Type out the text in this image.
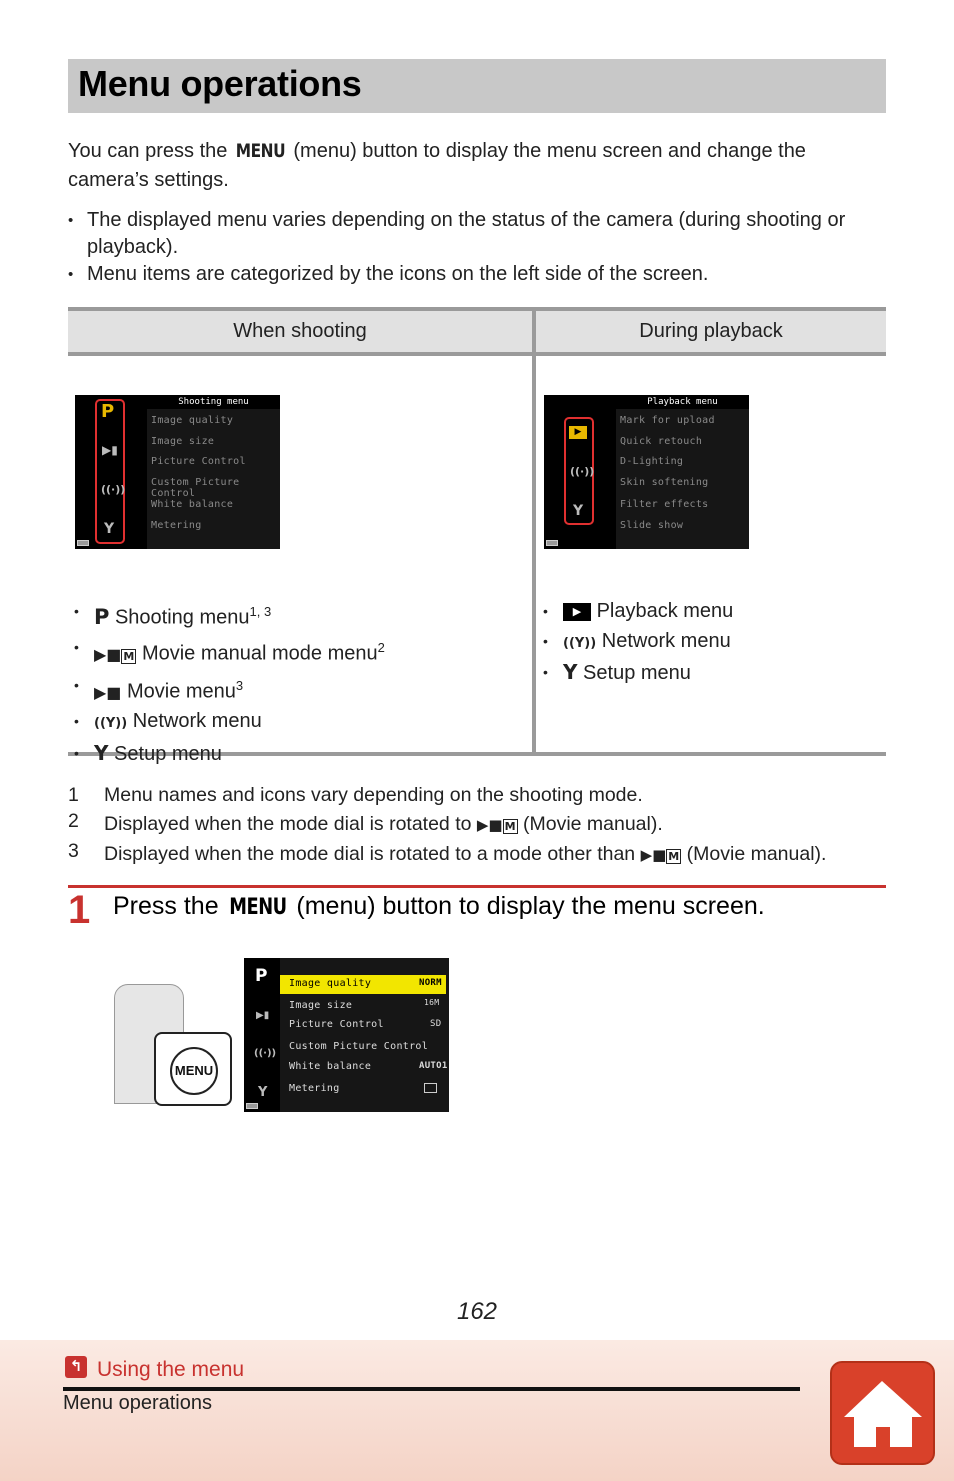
Menu operations

You can press the MENU (menu) button to display the menu screen and change the camera’s settings.

• The displayed menu varies depending on the status of the camera (during shooting or playback).
• Menu items are categorized by the icons on the left side of the screen.
When shooting	During playback
P
▶▮
((·))
Y
Shooting menu
Image quality
Image size
Picture Control
Custom Picture Control
White balance
Metering
▶
((·))
Y
Playback menu
Mark for upload
Quick retouch
D-Lighting
Skin softening
Filter effects
Slide show
• P Shooting menu$^{1, 3}$
• ▶■ M Movie manual mode menu$^2$
• ▶■ Movie menu$^3$
• ((Y)) Network menu
• Y Setup menu
• ▶ Playback menu
• ((Y)) Network menu
• Y Setup menu
1 Menu names and icons vary depending on the shooting mode.
2 Displayed when the mode dial is rotated to ▶■ M (Movie manual).
3 Displayed when the mode dial is rotated to a mode other than ▶■ M (Movie manual).
1 Press the MENU (menu) button to display the menu screen.
MENU
P
▶▮
((·))
Y
Image quality	NORM
Image size	16M
Picture Control	SD
Custom Picture Control
White balance	AUTO1
Metering
162
↰ Using the menu
Menu operations
